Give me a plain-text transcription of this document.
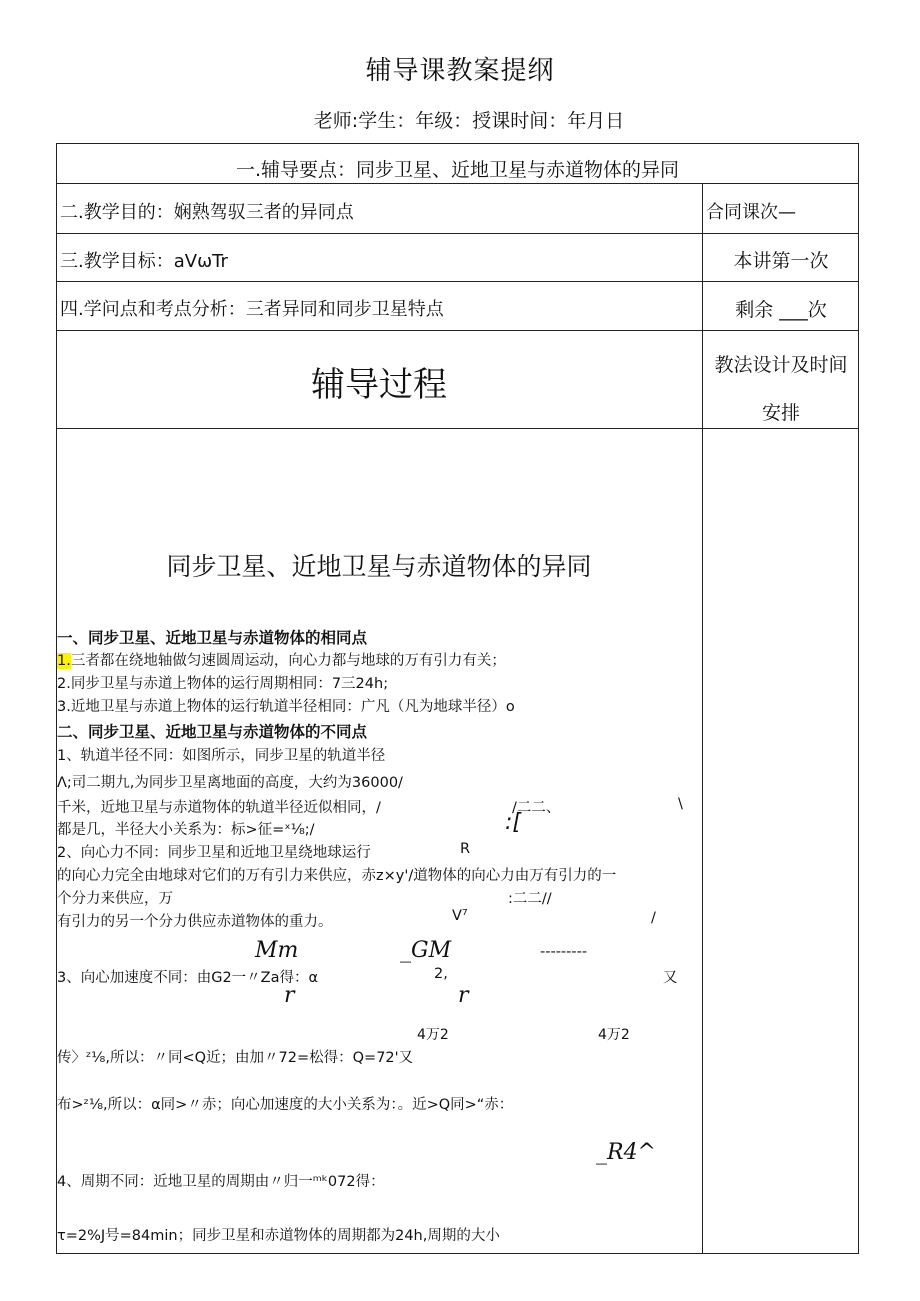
辅导课教案提纲
老师:学生：年级：授课时间：年月日
一.辅导要点：同步卫星、近地卫星与赤道物体的异同
二.教学目的：娴熟驾驭三者的异同点	合同课次—
三.教学目标：aVωTr	本讲第一次
四.学问点和考点分析：三者异同和同步卫星特点	剩余 ___次
辅导过程	教法设计及时间
安排
同步卫星、近地卫星与赤道物体的异同
一、同步卫星、近地卫星与赤道物体的相同点
1.三者都在绕地轴做匀速圆周运动，向心力都与地球的万有引力有关；
2.同步卫星与赤道上物体的运行周期相同：7三24h;
3.近地卫星与赤道上物体的运行轨道半径相同：广凡（凡为地球半径）o
二、同步卫星、近地卫星与赤道物体的不同点
1、轨道半径不同：如图所示，同步卫星的轨道半径
Λ;司二期九,为同步卫星离地面的高度，大约为36000/
千米，近地卫星与赤道物体的轨道半径近似相同，/	/二二、	\
都是几，半径大小关系为：标>征=ˣ⅛;/	:[
2、向心力不同：同步卫星和近地卫星绕地球运行	R
的向心力完全由地球对它们的万有引力来供应，赤z×y'/道物体的向心力由万有引力的一
个分力来供应，万	:二二//
有引力的另一个分力供应赤道物体的重力。	V⁷	/
Mm	_GM	---------
3、向心加速度不同：由G2一〃Za得：α	2,	又
r	r
4万2	4万2
传〉ᶻ⅛,所以：〃同<Q近；由加〃72=松得：Q=72'又
布>ᶻ⅛,所以：α同>〃赤；向心加速度的大小关系为：。近>Q同>“赤：
_R4^
4、周期不同：近地卫星的周期由〃归一ᵐᵏ072得：
τ=2%J号=84min；同步卫星和赤道物体的周期都为24h,周期的大小
